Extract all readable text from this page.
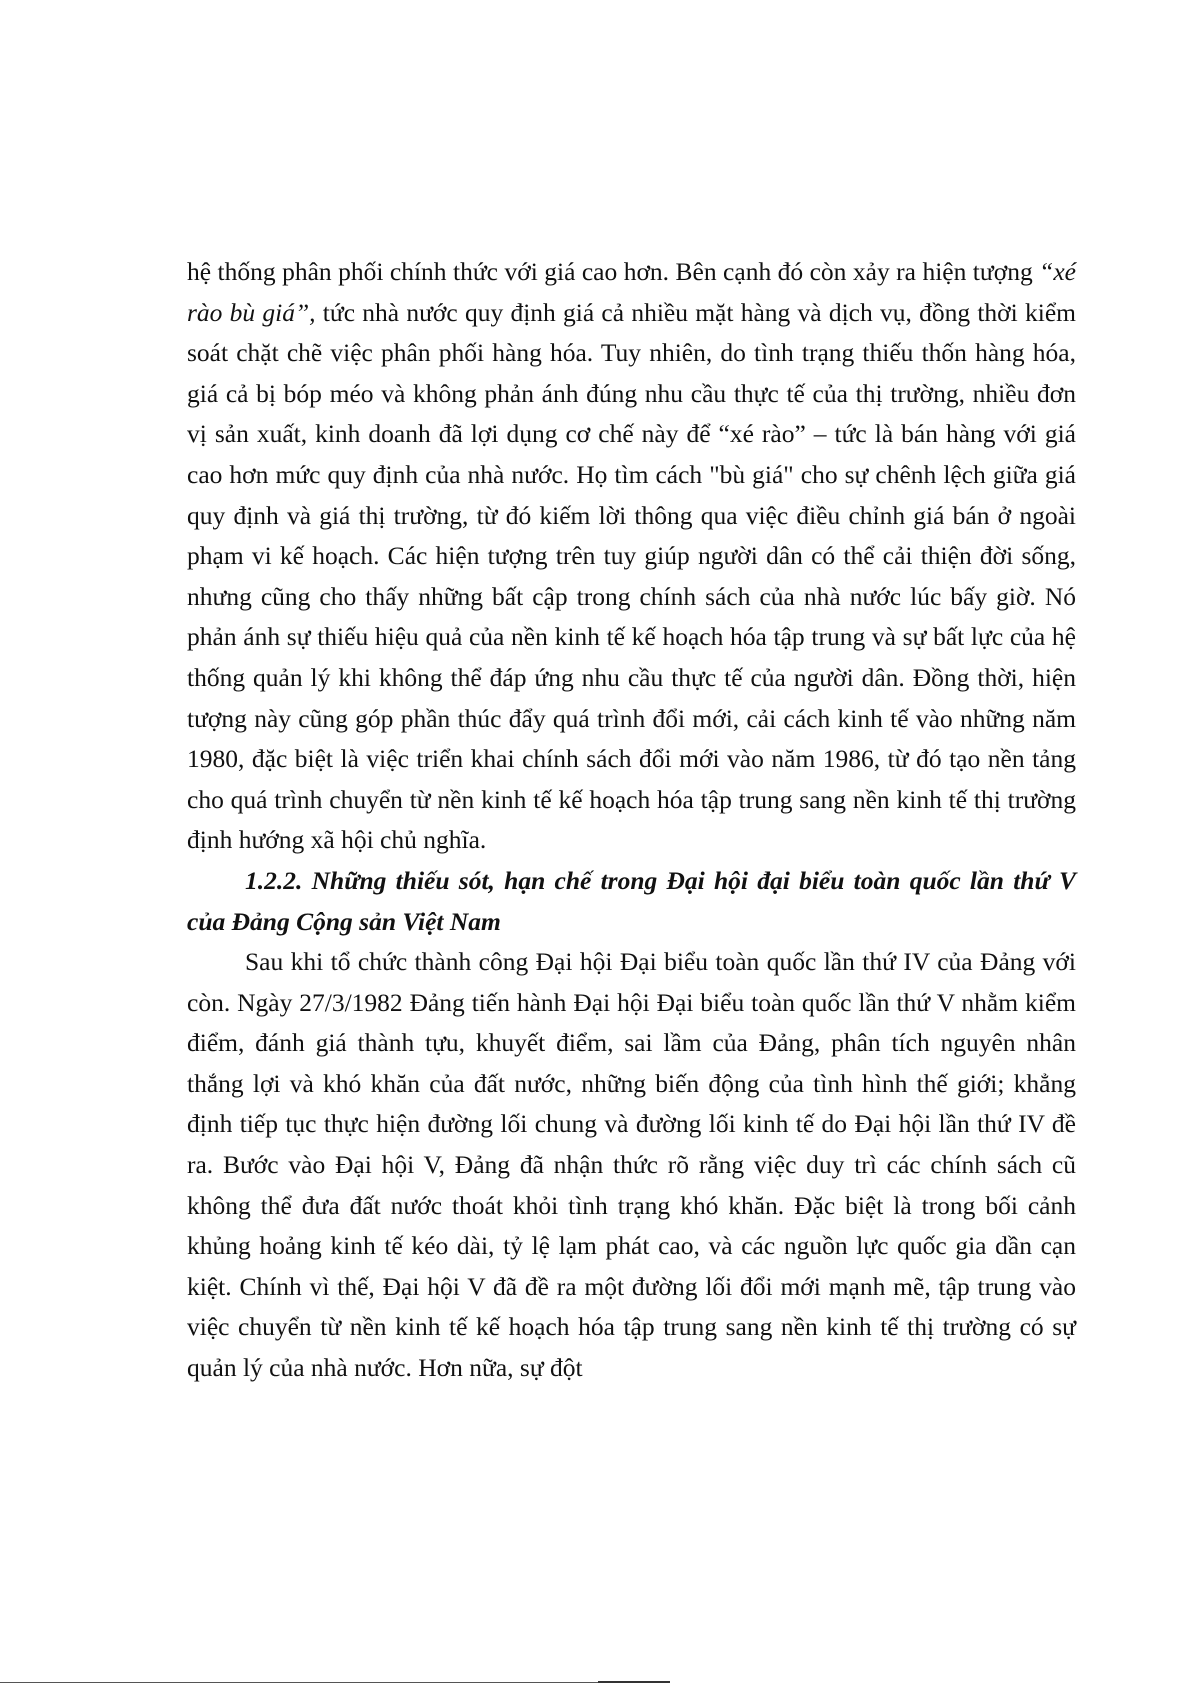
hệ thống phân phối chính thức với giá cao hơn. Bên cạnh đó còn xảy ra hiện tượng “xé rào bù giá”, tức nhà nước quy định giá cả nhiều mặt hàng và dịch vụ, đồng thời kiểm soát chặt chẽ việc phân phối hàng hóa. Tuy nhiên, do tình trạng thiếu thốn hàng hóa, giá cả bị bóp méo và không phản ánh đúng nhu cầu thực tế của thị trường, nhiều đơn vị sản xuất, kinh doanh đã lợi dụng cơ chế này để “xé rào” – tức là bán hàng với giá cao hơn mức quy định của nhà nước. Họ tìm cách "bù giá" cho sự chênh lệch giữa giá quy định và giá thị trường, từ đó kiếm lời thông qua việc điều chỉnh giá bán ở ngoài phạm vi kế hoạch. Các hiện tượng trên tuy giúp người dân có thể cải thiện đời sống, nhưng cũng cho thấy những bất cập trong chính sách của nhà nước lúc bấy giờ. Nó phản ánh sự thiếu hiệu quả của nền kinh tế kế hoạch hóa tập trung và sự bất lực của hệ thống quản lý khi không thể đáp ứng nhu cầu thực tế của người dân. Đồng thời, hiện tượng này cũng góp phần thúc đẩy quá trình đổi mới, cải cách kinh tế vào những năm 1980, đặc biệt là việc triển khai chính sách đổi mới vào năm 1986, từ đó tạo nền tảng cho quá trình chuyển từ nền kinh tế kế hoạch hóa tập trung sang nền kinh tế thị trường định hướng xã hội chủ nghĩa.

1.2.2. Những thiếu sót, hạn chế trong Đại hội đại biểu toàn quốc lần thứ V của Đảng Cộng sản Việt Nam

Sau khi tổ chức thành công Đại hội Đại biểu toàn quốc lần thứ IV của Đảng với còn. Ngày 27/3/1982 Đảng tiến hành Đại hội Đại biểu toàn quốc lần thứ V nhằm kiểm điểm, đánh giá thành tựu, khuyết điểm, sai lầm của Đảng, phân tích nguyên nhân thắng lợi và khó khăn của đất nước, những biến động của tình hình thế giới; khẳng định tiếp tục thực hiện đường lối chung và đường lối kinh tế do Đại hội lần thứ IV đề ra. Bước vào Đại hội V, Đảng đã nhận thức rõ rằng việc duy trì các chính sách cũ không thể đưa đất nước thoát khỏi tình trạng khó khăn. Đặc biệt là trong bối cảnh khủng hoảng kinh tế kéo dài, tỷ lệ lạm phát cao, và các nguồn lực quốc gia dần cạn kiệt. Chính vì thế, Đại hội V đã đề ra một đường lối đổi mới mạnh mẽ, tập trung vào việc chuyển từ nền kinh tế kế hoạch hóa tập trung sang nền kinh tế thị trường có sự quản lý của nhà nước. Hơn nữa, sự đột
